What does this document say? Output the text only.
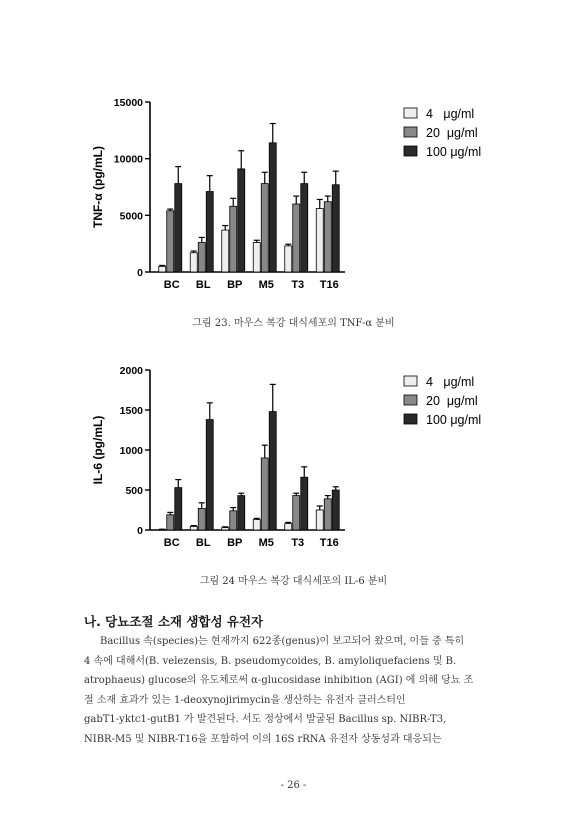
0
5000
10000
15000
TNF-α (pg/mL)
BC BL BP M5 T3 T16
4   μg/ml
20  μg/ml
100 μg/ml
그림 23. 마우스 복강 대식세포의 TNF-α 분비
0
500
1000
1500
2000
IL-6 (pg/mL)
BC BL BP M5 T3 T16
4   μg/ml
20  μg/ml
100 μg/ml
그림 24 마우스 복강 대식세포의 IL-6 분비
나. 당뇨조절 소재 생합성 유전자

Bacillus 속(species)는 현재까지 622종(genus)이 보고되어 왔으며, 이들 중 특히

4 속에 대해서(B. velezensis, B. pseudomycoides, B. amyloliquefaciens 및 B.
atrophaeus) glucose의 유도체로써 α-glucosidase inhibition (AGI) 에 의해 당뇨 조
절 소재 효과가 있는 1-deoxynojirimycin을 생산하는 유전자 클러스터인
gabT1-yktc1-gutB1 가 발견된다. 서도 정상에서 발굴된 Bacillus sp. NIBR-T3,
NIBR-M5 및 NIBR-T16을 포함하여 이의 16S rRNA 유전자 상동성과 대응되는
- 26 -
